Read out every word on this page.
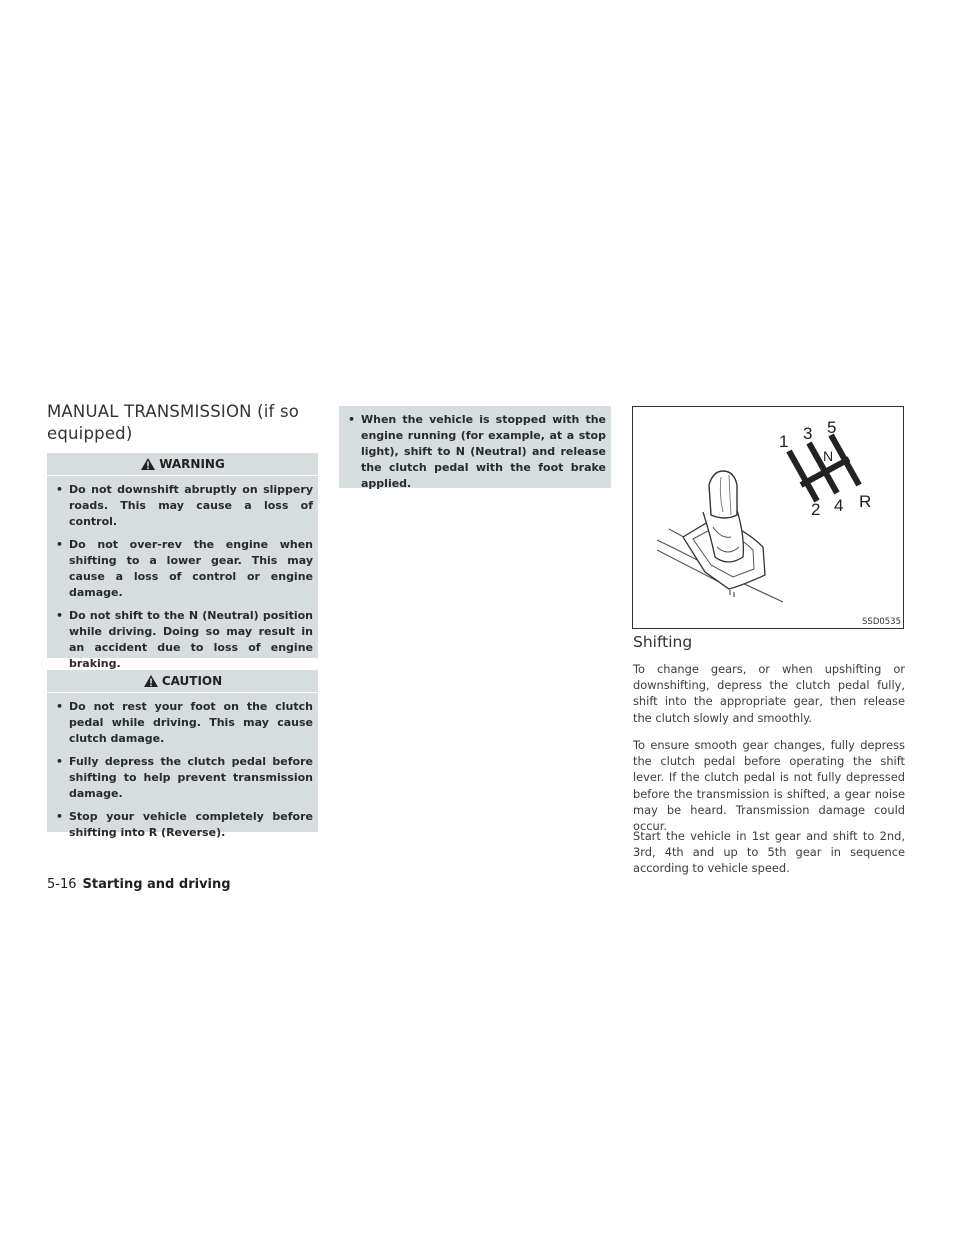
MANUAL TRANSMISSION (if so equipped)
WARNING
• Do not downshift abruptly on slippery roads. This may cause a loss of control.
• Do not over-rev the engine when shifting to a lower gear. This may cause a loss of control or engine damage.
• Do not shift to the N (Neutral) position while driving. Doing so may result in an accident due to loss of engine braking.
CAUTION
• Do not rest your foot on the clutch pedal while driving. This may cause clutch damage.
• Fully depress the clutch pedal before shifting to help prevent transmission damage.
• Stop your vehicle completely before shifting into R (Reverse).
• When the vehicle is stopped with the engine running (for example, at a stop light), shift to N (Neutral) and release the clutch pedal with the foot brake applied.
1 3 5
N
2 4 R
SSD0535
Shifting
To change gears, or when upshifting or downshifting, depress the clutch pedal fully, shift into the appropriate gear, then release the clutch slowly and smoothly.
To ensure smooth gear changes, fully depress the clutch pedal before operating the shift lever. If the clutch pedal is not fully depressed before the transmission is shifted, a gear noise may be heard. Transmission damage could occur.
Start the vehicle in 1st gear and shift to 2nd, 3rd, 4th and up to 5th gear in sequence according to vehicle speed.
5-16 Starting and driving
